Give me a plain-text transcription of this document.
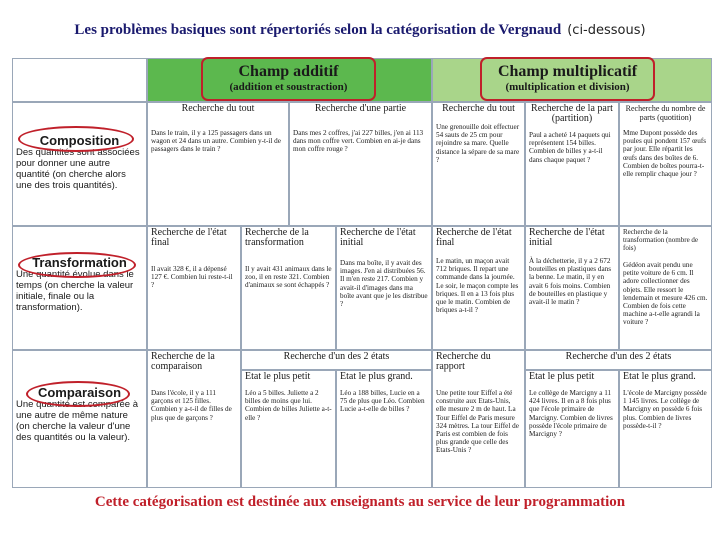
Les problèmes basiques sont répertoriés selon la catégorisation de Vergnaud (ci-dessous)
Champ additif
(addition et soustraction)
Champ multiplicatif
(multiplication et division)
Composition
Des quantités sont associées pour donner une autre quantité (on cherche alors une des trois quantités).
Recherche du tout
Dans le train, il y a 125 passagers dans un wagon et 24 dans un autre. Combien y-t-il de passagers dans le train ?
Recherche d'une partie
Dans mes 2 coffres, j'ai 227 billes, j'en ai 113 dans mon coffre vert. Combien en ai-je dans mon coffre rouge ?
Recherche du tout
Une grenouille doit effectuer 54 sauts de 25 cm pour rejoindre sa mare. Quelle distance la sépare de sa mare ?
Recherche de la part (partition)
Paul a acheté 14 paquets qui représentent 154 billes. Combien de billes y a-t-il dans chaque paquet ?
Recherche du nombre de parts (quotition)
Mme Dupont possède des poules qui pondent 157 œufs par jour. Elle répartit les œufs dans des boîtes de 6. Combien de boîtes pourra-t-elle remplir chaque jour ?
Transformation
Une quantité évolue dans le temps (on cherche la valeur initiale, finale ou la transformation).
Recherche de l'état final
Il avait 328 €, il a dépensé 127 €. Combien lui reste-t-il ?
Recherche de la transformation
Il y avait 431 animaux dans le zoo, il en reste 321. Combien d'animaux se sont échappés ?
Recherche de l'état initial
Dans ma boîte, il y avait des images. J'en ai distribuées 56. Il m'en reste 217. Combien y avait-il d'images dans ma boîte avant que je les distribue ?
Recherche de l'état final
Le matin, un maçon avait 712 briques. Il repart une commande dans la journée. Le soir, le maçon compte les briques. Il en a 13 fois plus que le matin. Combien de briques a-t-il ?
Recherche de l'état initial
À la déchetterie, il y a 2 672 bouteilles en plastiques dans la benne. Le matin, il y en avait 6 fois moins. Combien de bouteilles en plastique y avait-il le matin ?
Recherche de la transformation (nombre de fois)
Gédéon avait pendu une petite voiture de 6 cm. Il adore collectionner des objets. Elle ressort le lendemain et mesure 426 cm. Combien de fois cette machine a-t-elle agrandi la voiture ?
Comparaison
Une quantité est comparée à une autre de même nature (on cherche la valeur d'une des quantités ou la valeur).
Recherche de la comparaison
Dans l'école, il y a 111 garçons et 125 filles. Combien y a-t-il de filles de plus que de garçons ?
Recherche d'un des 2 états
Etat le plus petit
Léo a 5 billes. Juliette a 2 billes de moins que lui. Combien de billes Juliette a-t-elle ?
Etat le plus grand.
Léo a 188 billes, Lucie en a 75 de plus que Léo. Combien Lucie a-t-elle de billes ?
Recherche du rapport
Une petite tour Eiffel a été construite aux Etats-Unis, elle mesure 2 m de haut. La Tour Eiffel de Paris mesure 324 mètres. La tour Eiffel de Paris est combien de fois plus grande que celle des Etats-Unis ?
Recherche d'un des 2 états
Etat le plus petit
Le collège de Marcigny a 11 424 livres. Il en a 8 fois plus que l'école primaire de Marcigny. Combien de livres possède l'école primaire de Marcigny ?
Etat le plus grand.
L'école de Marcigny possède 1 145 livres. Le collège de Marcigny en possède 6 fois plus. Combien de livres possède-t-il ?
Cette catégorisation est destinée aux enseignants au service de leur programmation
